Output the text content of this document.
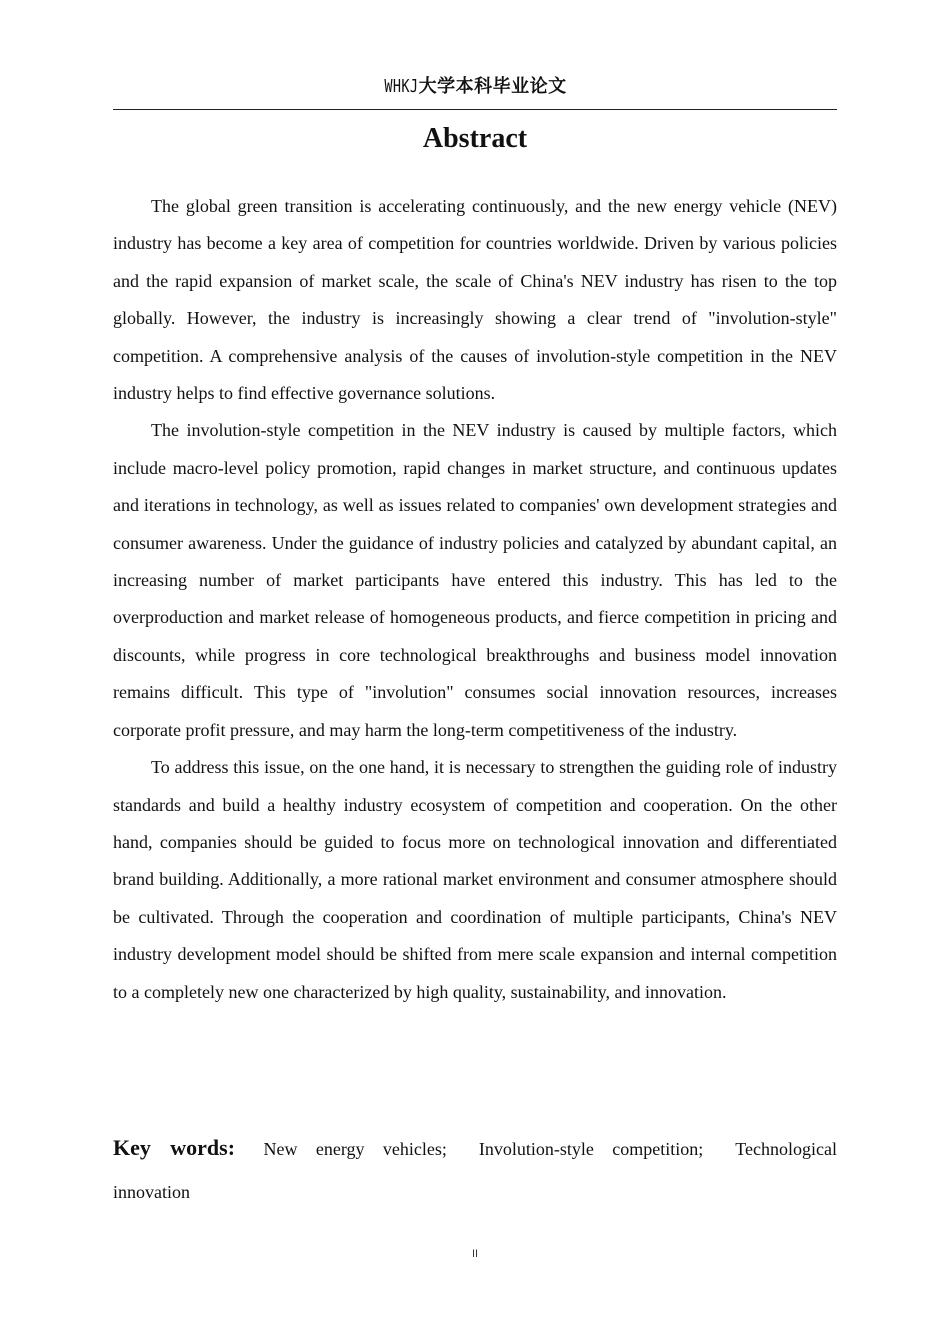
WHKJ大学本科毕业论文
Abstract

The global green transition is accelerating continuously, and the new energy vehicle (NEV) industry has become a key area of competition for countries worldwide. Driven by various policies and the rapid expansion of market scale, the scale of China's NEV industry has risen to the top globally. However, the industry is increasingly showing a clear trend of "involution-style" competition. A comprehensive analysis of the causes of involution-style competition in the NEV industry helps to find effective governance solutions.

The involution-style competition in the NEV industry is caused by multiple factors, which include macro-level policy promotion, rapid changes in market structure, and continuous updates and iterations in technology, as well as issues related to companies' own development strategies and consumer awareness. Under the guidance of industry policies and catalyzed by abundant capital, an increasing number of market participants have entered this industry. This has led to the overproduction and market release of homogeneous products, and fierce competition in pricing and discounts, while progress in core technological breakthroughs and business model innovation remains difficult. This type of "involution" consumes social innovation resources, increases corporate profit pressure, and may harm the long-term competitiveness of the industry.

To address this issue, on the one hand, it is necessary to strengthen the guiding role of industry standards and build a healthy industry ecosystem of competition and cooperation. On the other hand, companies should be guided to focus more on technological innovation and differentiated brand building. Additionally, a more rational market environment and consumer atmosphere should be cultivated. Through the cooperation and coordination of multiple participants, China's NEV industry development model should be shifted from mere scale expansion and internal competition to a completely new one characterized by high quality, sustainability, and innovation.

Key words: New energy vehicles; Involution-style competition; Technological innovation
II
